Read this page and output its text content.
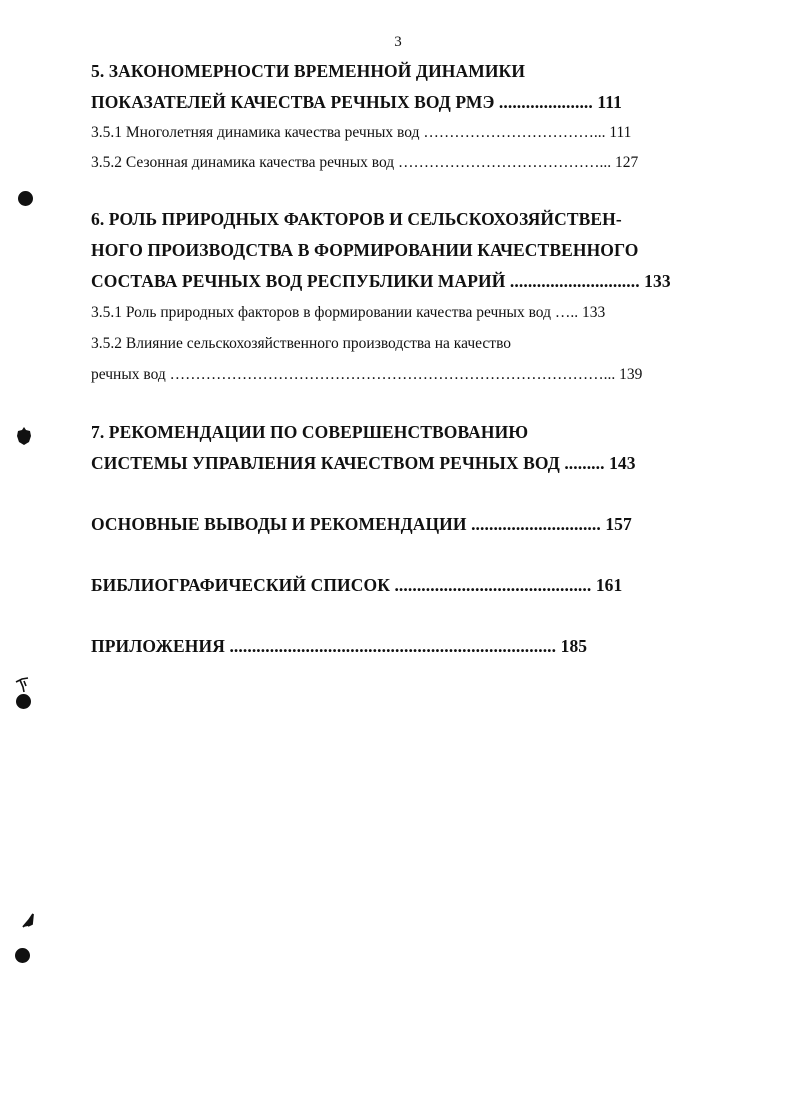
3
5. ЗАКОНОМЕРНОСТИ ВРЕМЕННОЙ ДИНАМИКИ
ПОКАЗАТЕЛЕЙ КАЧЕСТВА РЕЧНЫХ ВОД РМЭ ..................... 111
3.5.1 Многолетняя динамика качества речных вод ……………………………... 111
3.5.2 Сезонная динамика качества речных вод …………………………………... 127
6. РОЛЬ ПРИРОДНЫХ ФАКТОРОВ И СЕЛЬСКОХОЗЯЙСТВЕН-
НОГО ПРОИЗВОДСТВА В ФОРМИРОВАНИИ КАЧЕСТВЕННОГО
СОСТАВА РЕЧНЫХ ВОД РЕСПУБЛИКИ МАРИЙ ............................. 133
3.5.1 Роль природных факторов в формировании качества речных вод ….. 133
3.5.2 Влияние сельскохозяйственного производства на качество
речных вод …………………………………………………………………………... 139
7. РЕКОМЕНДАЦИИ ПО СОВЕРШЕНСТВОВАНИЮ
СИСТЕМЫ УПРАВЛЕНИЯ КАЧЕСТВОМ РЕЧНЫХ ВОД ......... 143
ОСНОВНЫЕ ВЫВОДЫ И РЕКОМЕНДАЦИИ ............................. 157
БИБЛИОГРАФИЧЕСКИЙ СПИСОК ............................................ 161
ПРИЛОЖЕНИЯ ......................................................................... 185
